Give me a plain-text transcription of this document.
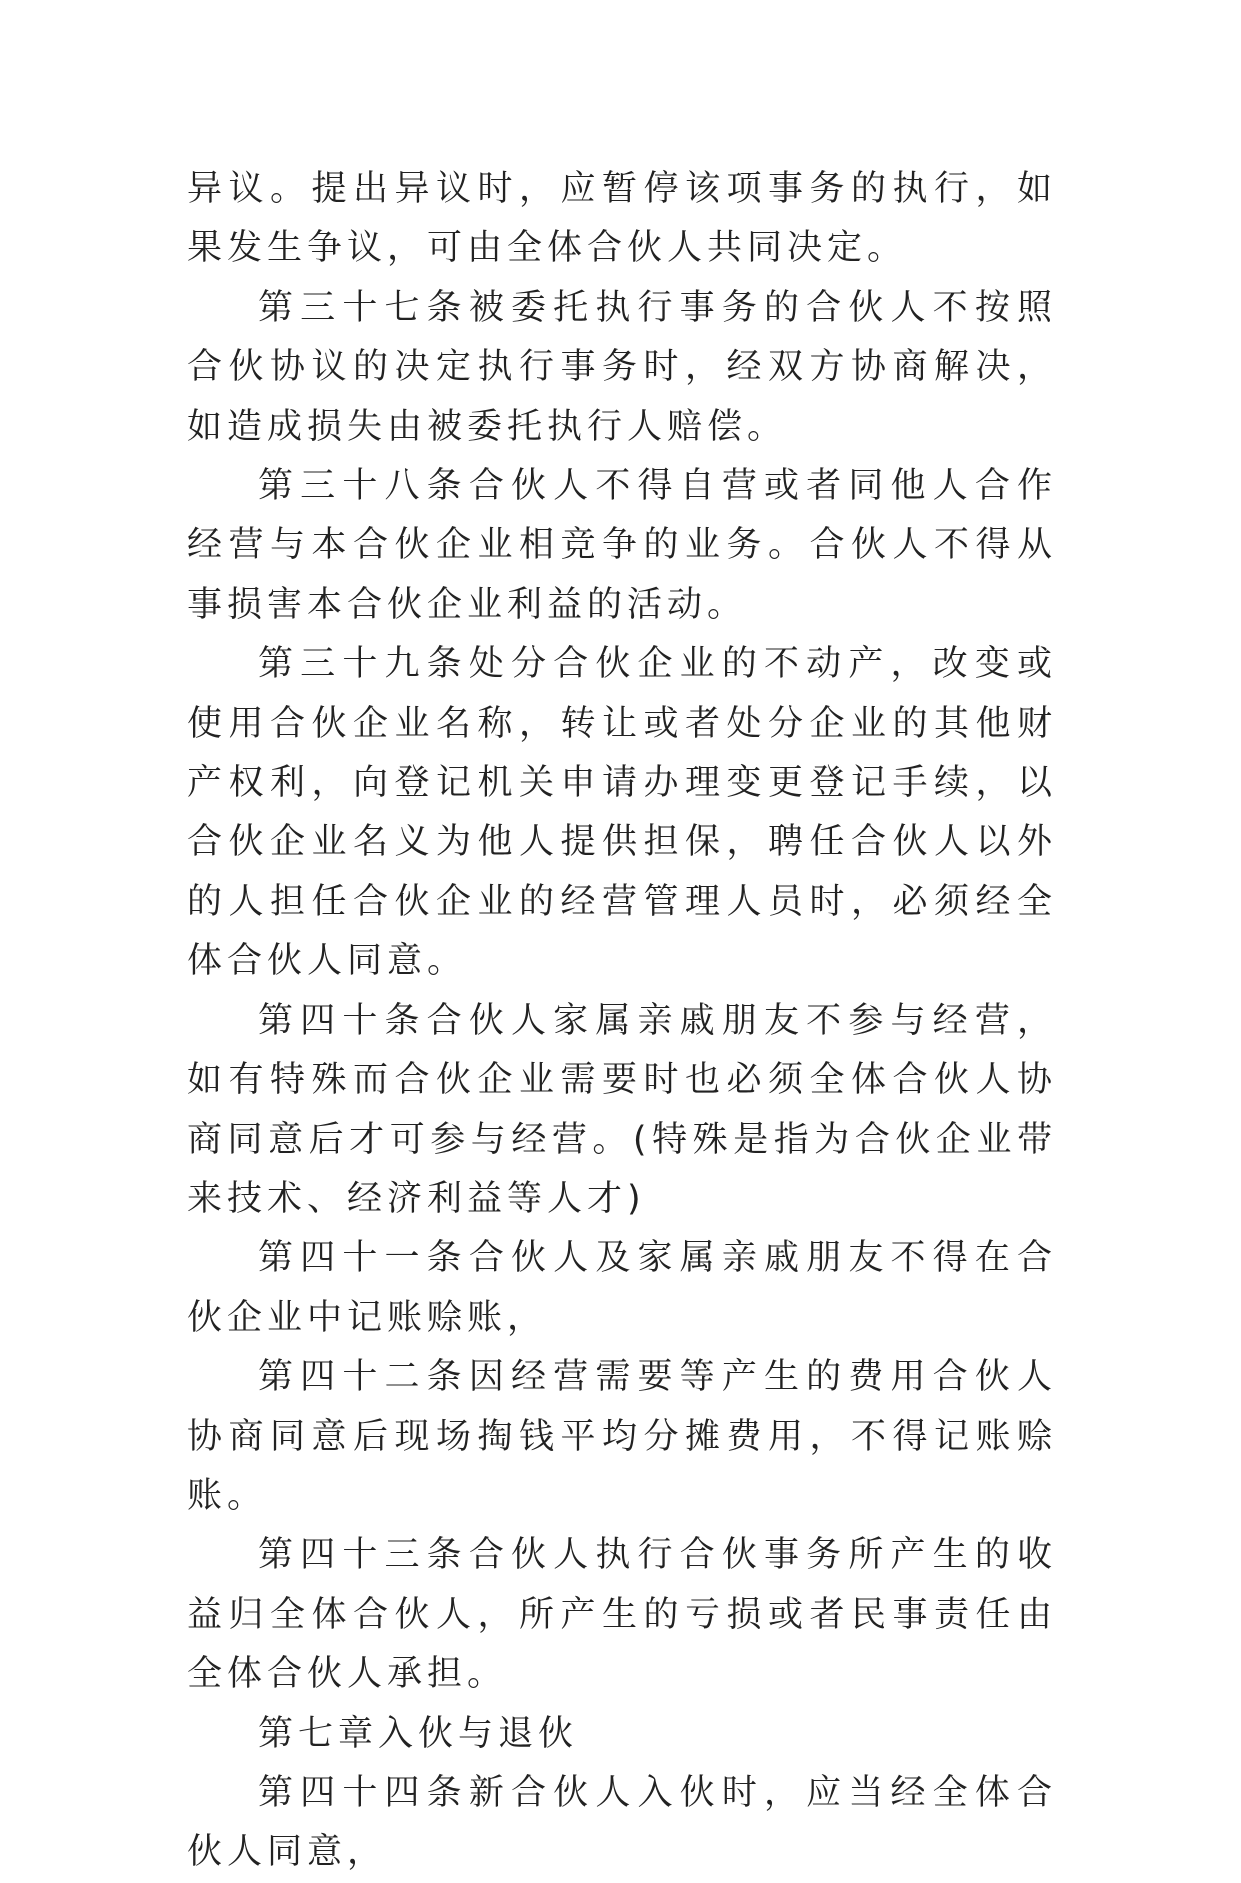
异议。提出异议时，应暂停该项事务的执行，如果发生争议，可由全体合伙人共同决定。

第三十七条被委托执行事务的合伙人不按照合伙协议的决定执行事务时，经双方协商解决，如造成损失由被委托执行人赔偿。

第三十八条合伙人不得自营或者同他人合作经营与本合伙企业相竞争的业务。合伙人不得从事损害本合伙企业利益的活动。

第三十九条处分合伙企业的不动产，改变或使用合伙企业名称，转让或者处分企业的其他财产权利，向登记机关申请办理变更登记手续，以合伙企业名义为他人提供担保，聘任合伙人以外的人担任合伙企业的经营管理人员时，必须经全体合伙人同意。

第四十条合伙人家属亲戚朋友不参与经营，如有特殊而合伙企业需要时也必须全体合伙人协商同意后才可参与经营。(特殊是指为合伙企业带来技术、经济利益等人才)

第四十一条合伙人及家属亲戚朋友不得在合伙企业中记账赊账，

第四十二条因经营需要等产生的费用合伙人协商同意后现场掏钱平均分摊费用，不得记账赊账。

第四十三条合伙人执行合伙事务所产生的收益归全体合伙人，所产生的亏损或者民事责任由全体合伙人承担。

第七章入伙与退伙

第四十四条新合伙人入伙时，应当经全体合伙人同意，
